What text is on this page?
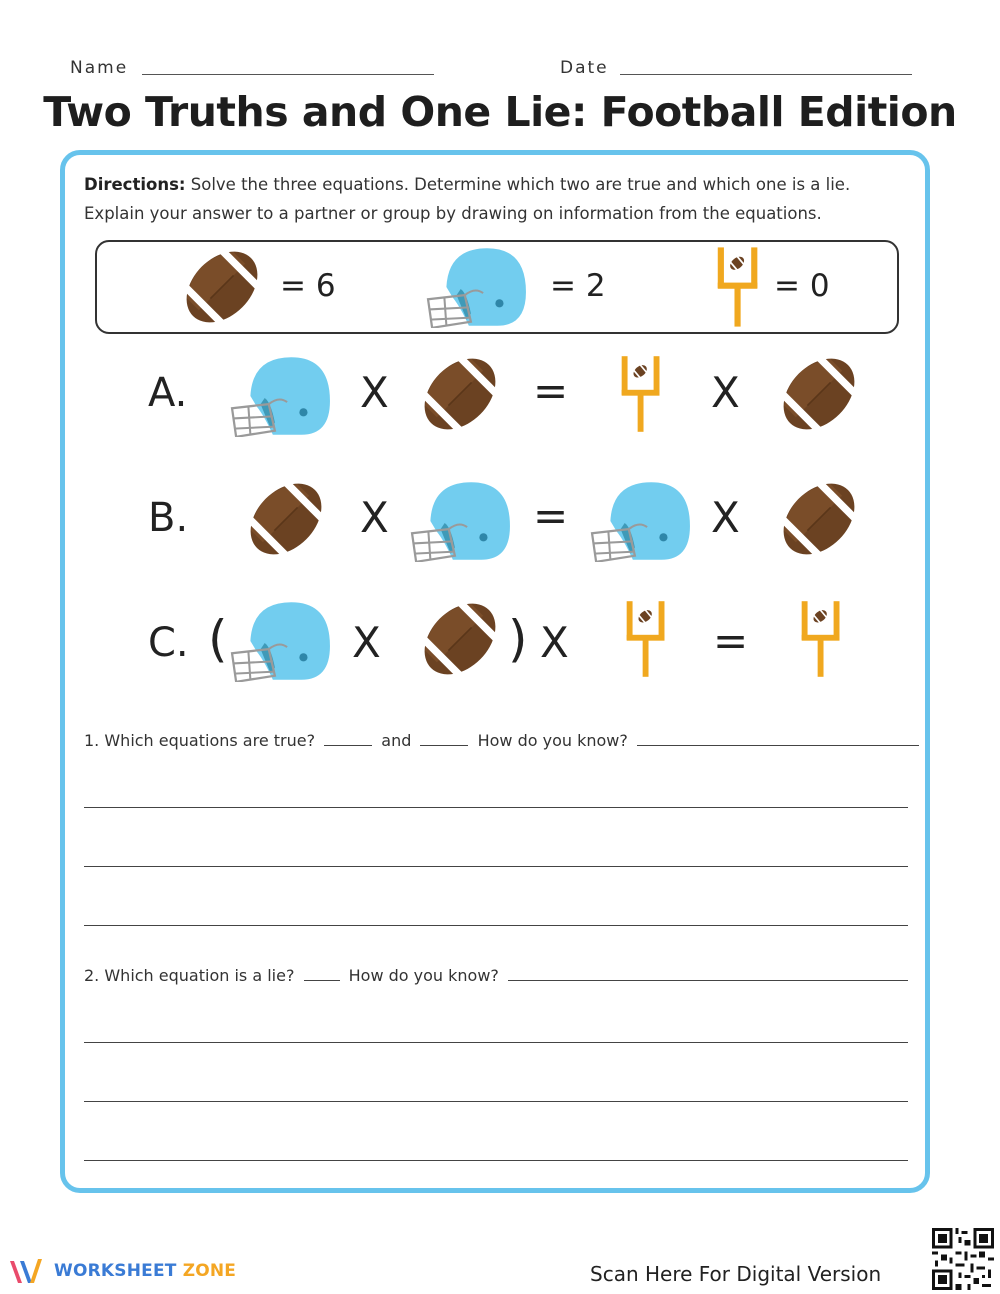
Name	Date
Two Truths and One Lie: Football Edition
Directions: Solve the three equations. Determine which two are true and which one is a lie. Explain your answer to a partner or group by drawing on information from the equations.
= 6	= 2	= 0
A.	X	=	X
B.	X	=	X
C. (	X	) X	=
1. Which equations are true?	and	How do you know?
2. Which equation is a lie?	How do you know?
WORKSHEET ZONE	Scan Here For Digital Version
